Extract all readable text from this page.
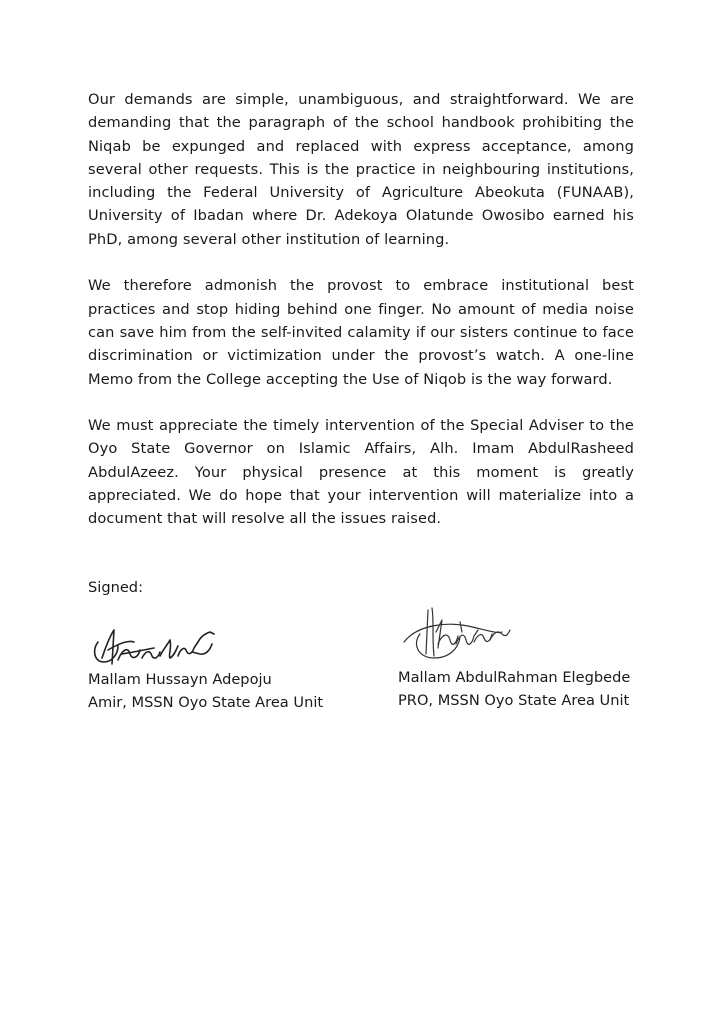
Our demands are simple, unambiguous, and straightforward. We are demanding that the paragraph of the school handbook prohibiting the Niqab be expunged and replaced with express acceptance, among several other requests. This is the practice in neighbouring institutions, including the Federal University of Agriculture Abeokuta (FUNAAB), University of Ibadan where Dr. Adekoya Olatunde Owosibo earned his PhD, among several other institution of learning.

We therefore admonish the provost to embrace institutional best practices and stop hiding behind one finger. No amount of media noise can save him from the self-invited calamity if our sisters continue to face discrimination or victimization under the provost’s watch. A one-line Memo from the College accepting the Use of Niqob is the way forward.

We must appreciate the timely intervention of the Special Adviser to the Oyo State Governor on Islamic Affairs, Alh. Imam AbdulRasheed AbdulAzeez. Your physical presence at this moment is greatly appreciated. We do hope that your intervention will materialize into a document that will resolve all the issues raised.

Signed:
Mallam Hussayn Adepoju
Amir, MSSN Oyo State Area Unit
Mallam AbdulRahman Elegbede
PRO, MSSN Oyo State Area Unit
